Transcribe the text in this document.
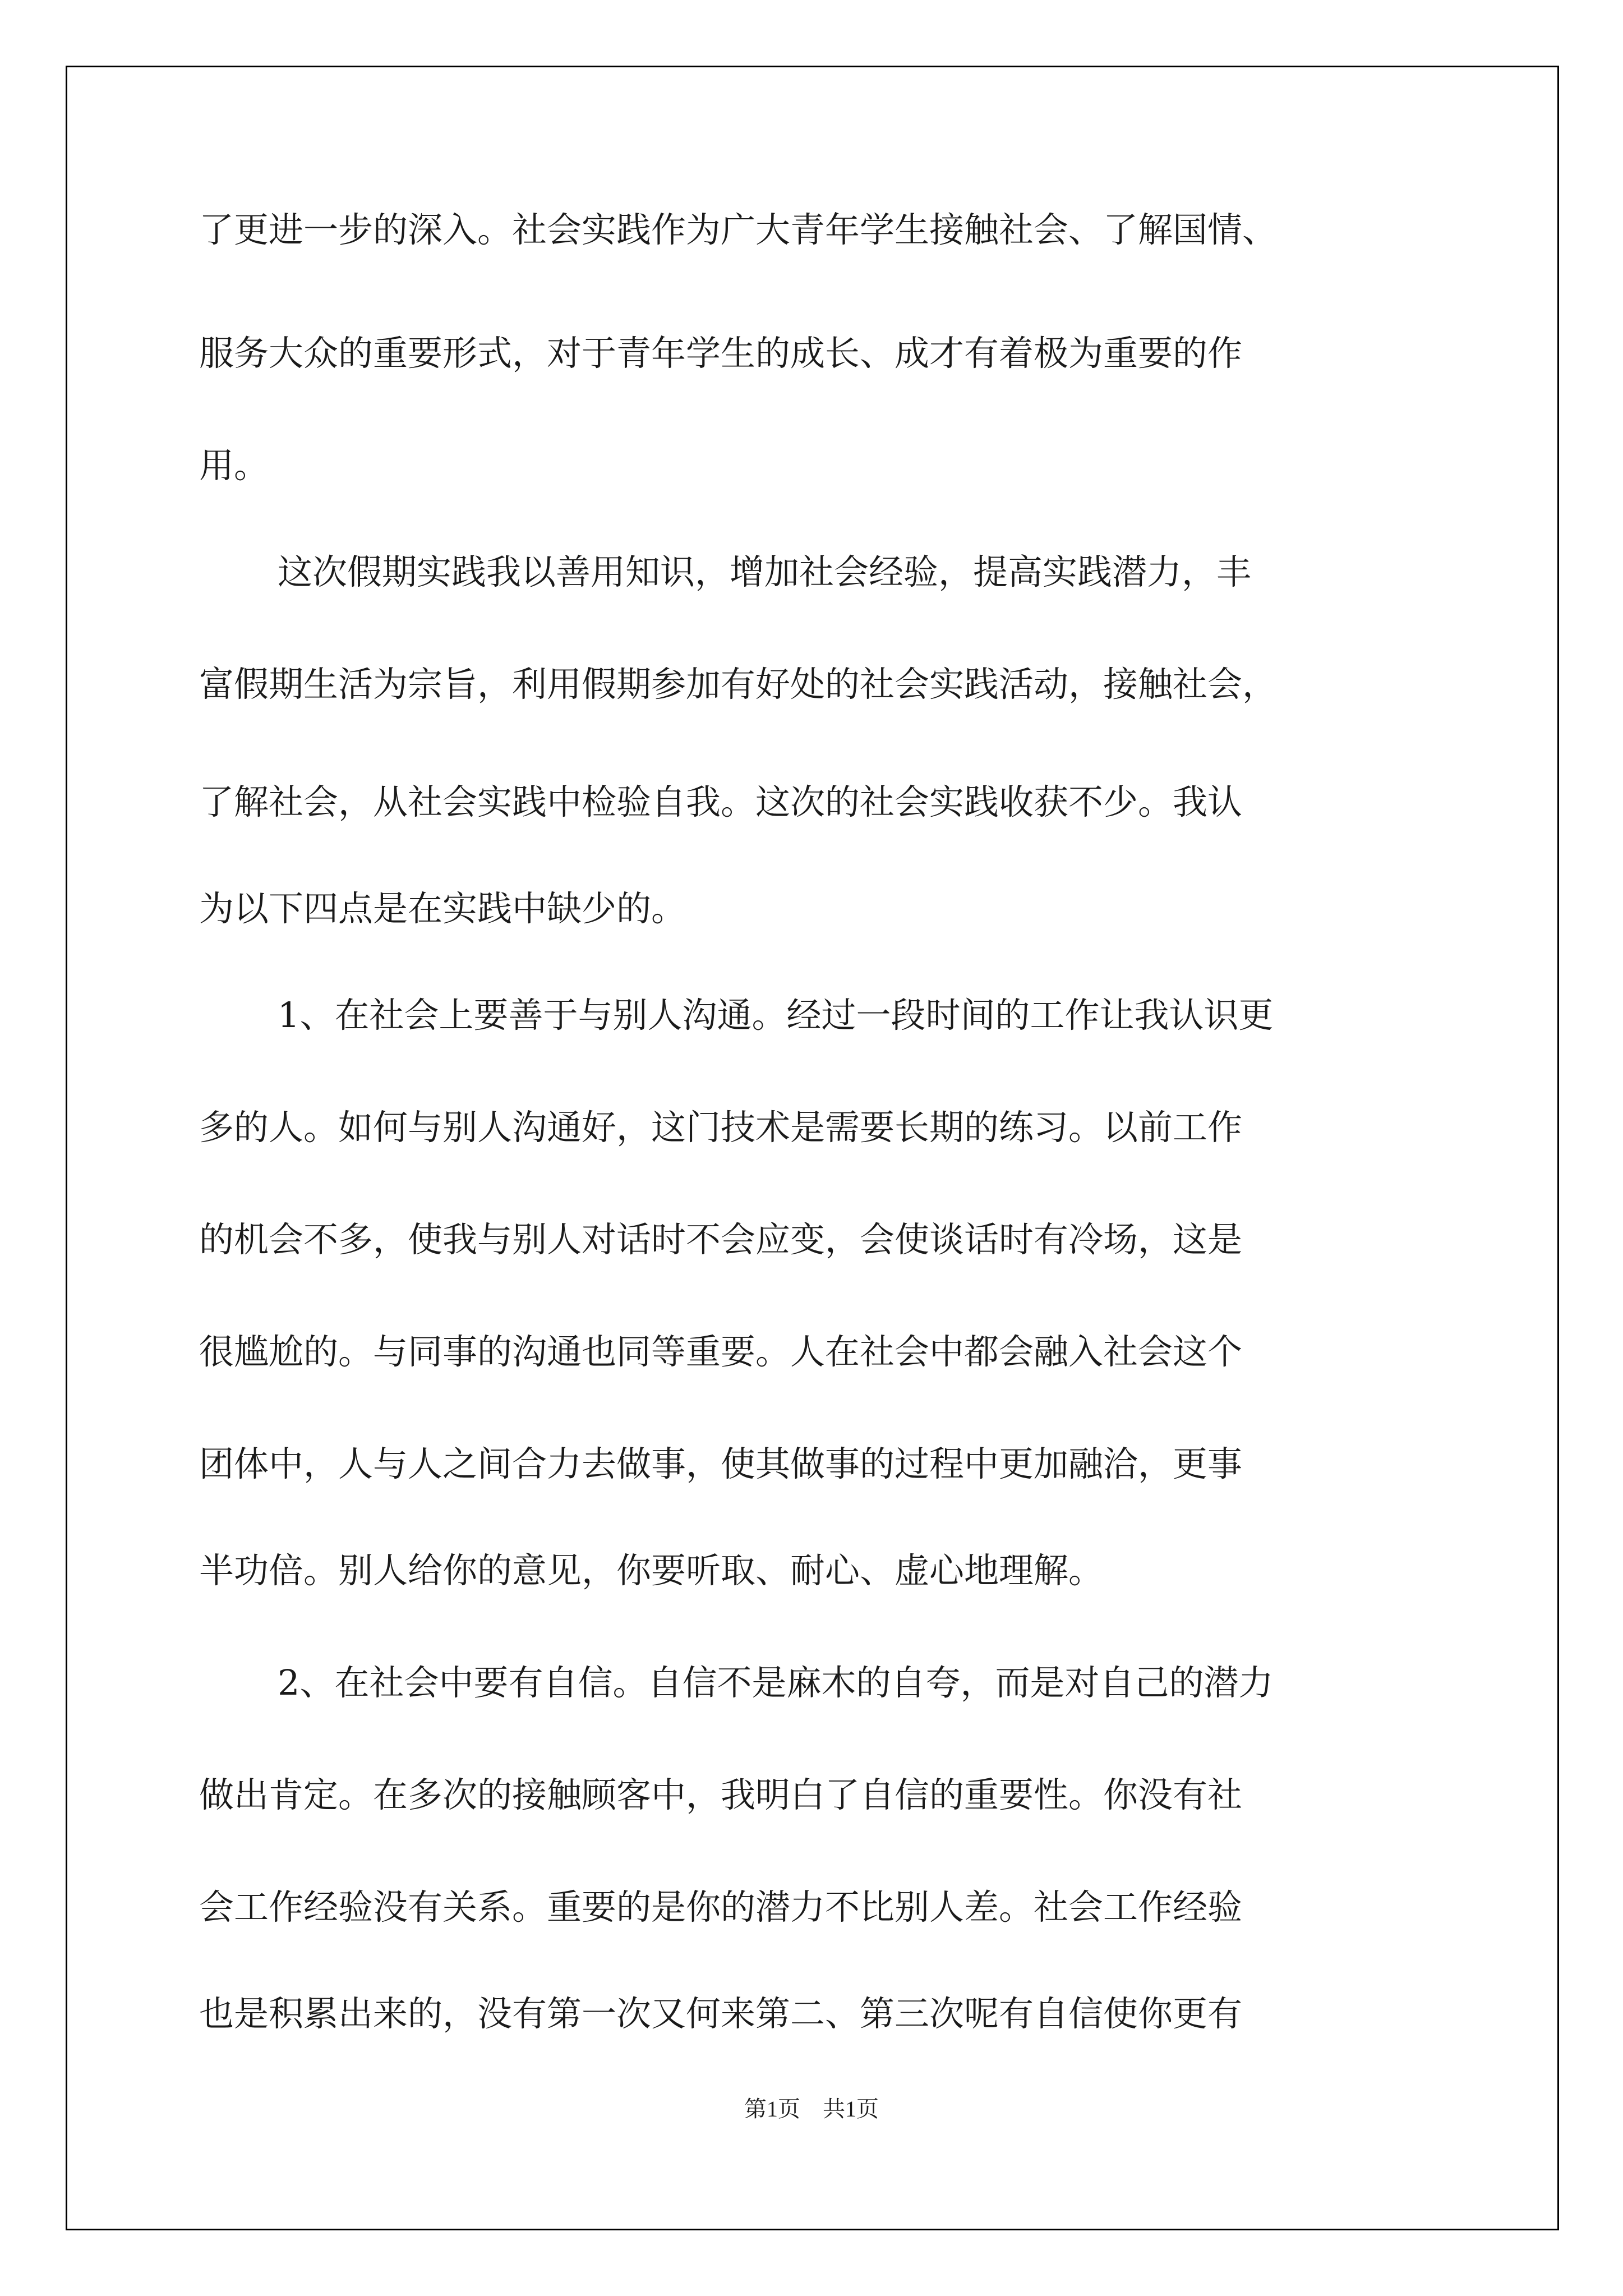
了更进一步的深入。社会实践作为广大青年学生接触社会、了解国情、

服务大众的重要形式，对于青年学生的成长、成才有着极为重要的作

用。

这次假期实践我以善用知识，增加社会经验，提高实践潜力，丰

富假期生活为宗旨，利用假期参加有好处的社会实践活动，接触社会，

了解社会，从社会实践中检验自我。这次的社会实践收获不少。我认

为以下四点是在实践中缺少的。

1、在社会上要善于与别人沟通。经过一段时间的工作让我认识更

多的人。如何与别人沟通好，这门技术是需要长期的练习。以前工作

的机会不多，使我与别人对话时不会应变，会使谈话时有冷场，这是

很尴尬的。与同事的沟通也同等重要。人在社会中都会融入社会这个

团体中，人与人之间合力去做事，使其做事的过程中更加融洽，更事

半功倍。别人给你的意见，你要听取、耐心、虚心地理解。

2、在社会中要有自信。自信不是麻木的自夸，而是对自己的潜力

做出肯定。在多次的接触顾客中，我明白了自信的重要性。你没有社

会工作经验没有关系。重要的是你的潜力不比别人差。社会工作经验

也是积累出来的，没有第一次又何来第二、第三次呢有自信使你更有

第1页　共1页
